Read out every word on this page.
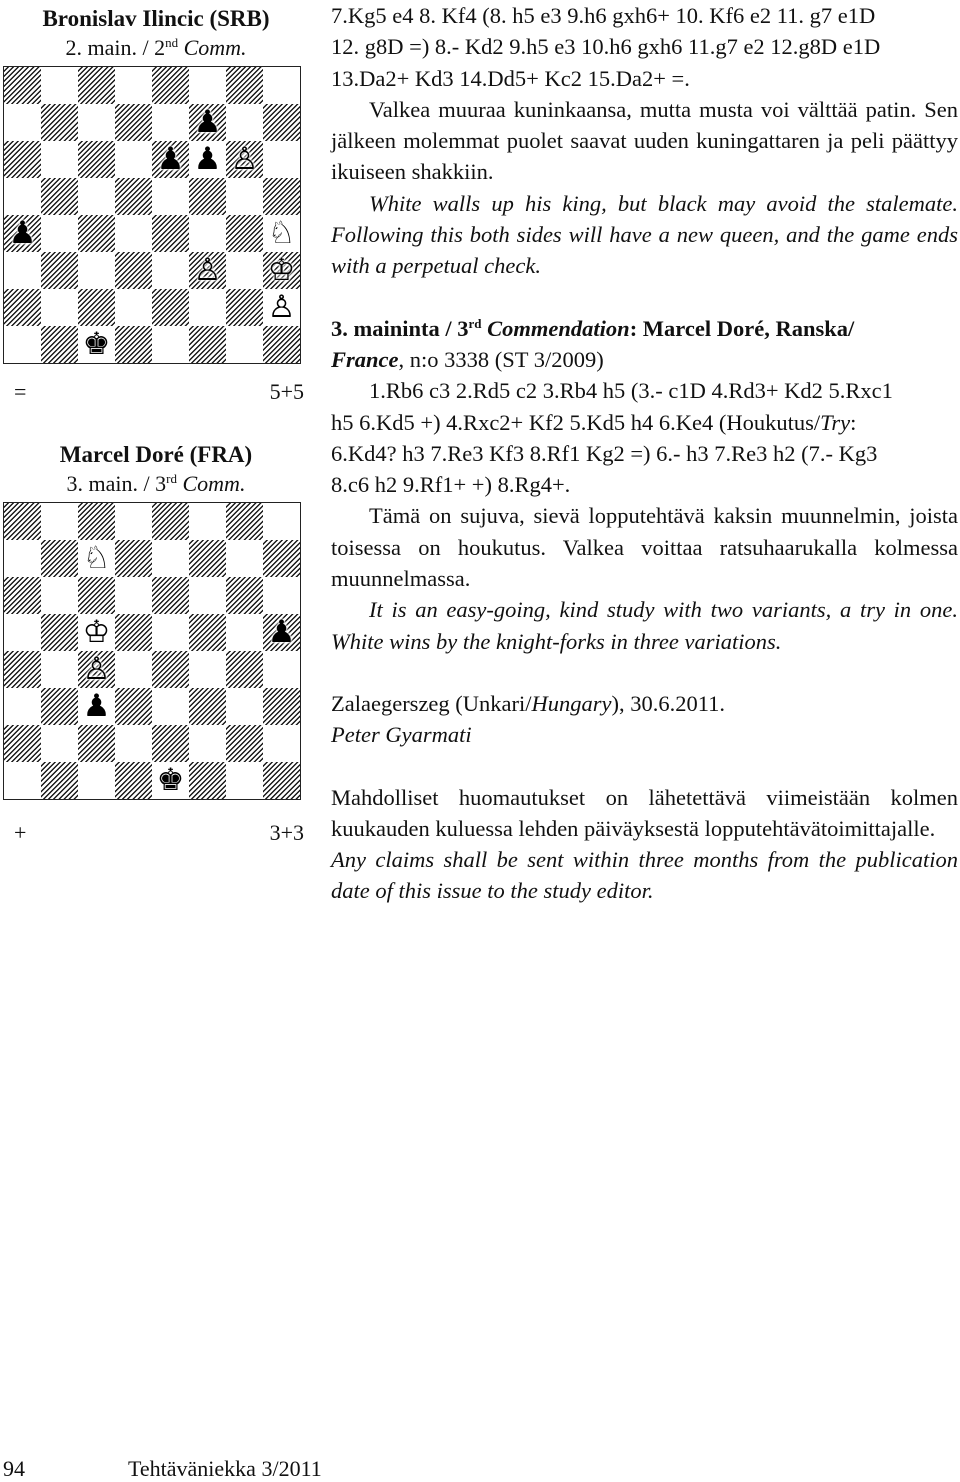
Bronislav Ilincic (SRB)
2. main. / 2nd Comm.
♟
♟ ♟ ♙
♟	♘
♙ ♔
♙
♚
=	5+5
Marcel Doré (FRA)
3. main. / 3rd Comm.
♘
♔	♟
♙
♟
♚
+	3+3

7.Kg5 e4 8. Kf4 (8. h5 e3 9.h6 gxh6+ 10. Kf6 e2 11. g7 e1D

12. g8D =) 8.- Kd2 9.h5 e3 10.h6 gxh6 11.g7 e2 12.g8D e1D

13.Da2+ Kd3 14.Dd5+ Kc2 15.Da2+ =.

Valkea muuraa kuninkaansa, mutta musta voi välttää patin. Sen jälkeen molemmat puolet saavat uuden kuningattaren ja peli päättyy ikuiseen shakkiin.

White walls up his king, but black may avoid the stalemate. Following this both sides will have a new queen, and the game ends with a perpetual check.

3. maininta / 3rd Commendation: Marcel Doré, Ranska/
France, n:o 3338 (ST 3/2009)

1.Rb6 c3 2.Rd5 c2 3.Rb4 h5 (3.- c1D 4.Rd3+ Kd2 5.Rxc1

h5 6.Kd5 +) 4.Rxc2+ Kf2 5.Kd5 h4 6.Ke4 (Houkutus/Try:

6.Kd4? h3 7.Re3 Kf3 8.Rf1 Kg2 =) 6.- h3 7.Re3 h2 (7.- Kg3

8.c6 h2 9.Rf1+ +) 8.Rg4+.

Tämä on sujuva, sievä lopputehtävä kaksin muunnelmin, joista toisessa on houkutus. Valkea voittaa ratsuhaarukalla kolmessa muunnelmassa.

It is an easy-going, kind study with two variants, a try in one. White wins by the knight-forks in three variations.

Zalaegerszeg (Unkari/Hungary), 30.6.2011.

Peter Gyarmati

Mahdolliset huomautukset on lähetettävä viimeistään kolmen kuukauden kuluessa lehden päiväyksestä lopputehtävätoimittajalle.

Any claims shall be sent within three months from the publication date of this issue to the study editor.

94	Tehtäväniekka 3/2011
